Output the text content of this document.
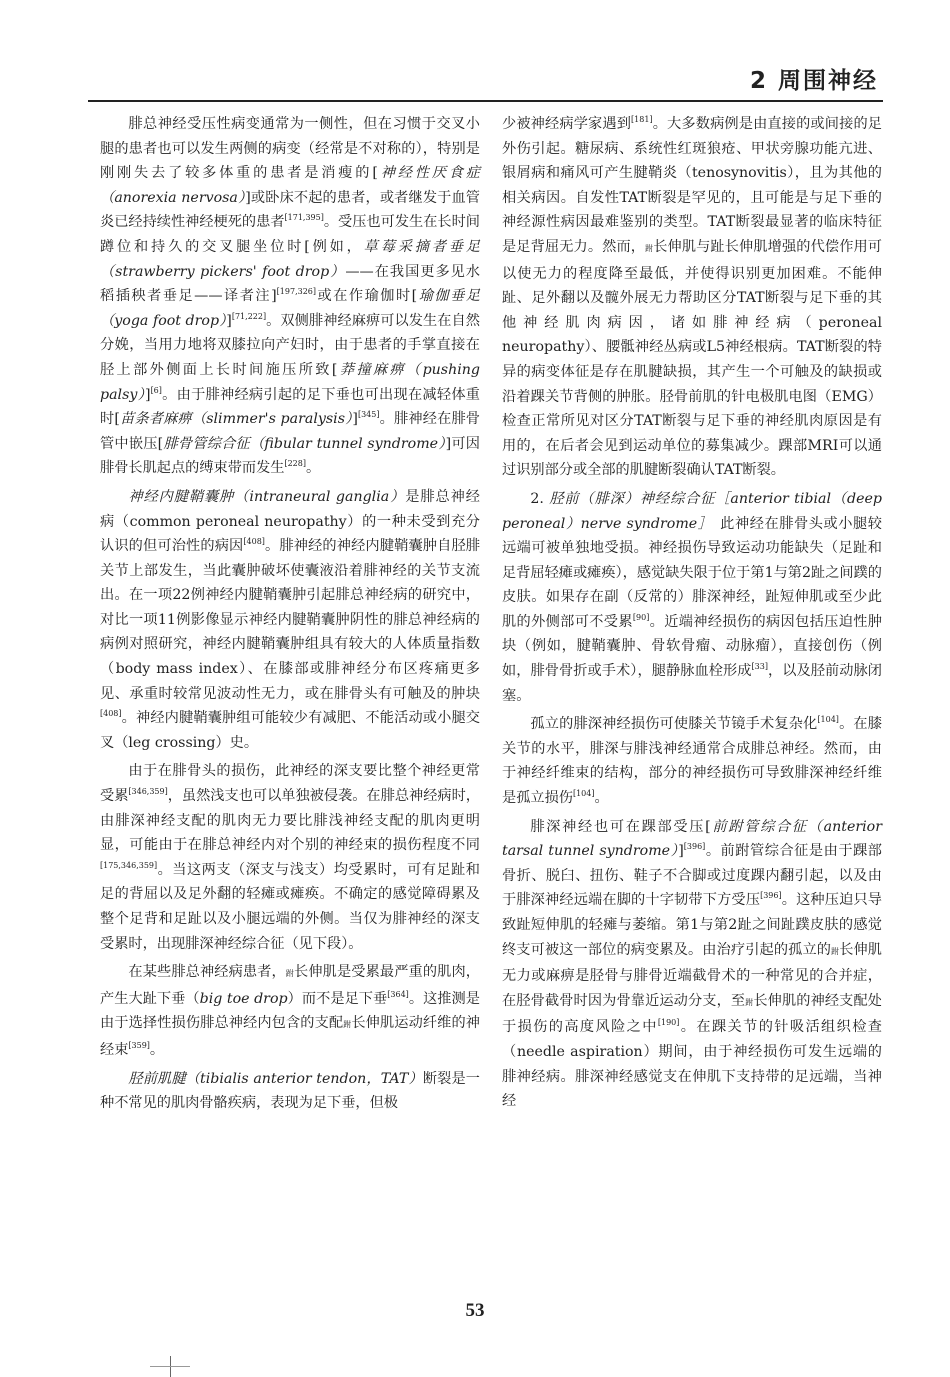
2 周围神经

腓总神经受压性病变通常为一侧性，但在习惯于交叉小腿的患者也可以发生两侧的病变（经常是不对称的），特别是刚刚失去了较多体重的患者是消瘦的[神经性厌食症（anorexia nervosa）]或卧床不起的患者，或者继发于血管炎已经持续性神经梗死的患者[171,395]。受压也可发生在长时间蹲位和持久的交叉腿坐位时[例如，草莓采摘者垂足（strawberry pickers' foot drop）——在我国更多见水稻插秧者垂足——译者注][197,326]或在作瑜伽时[瑜伽垂足（yoga foot drop）][71,222]。双侧腓神经麻痹可以发生在自然分娩，当用力地将双膝拉向产妇时，由于患者的手掌直接在胫上部外侧面上长时间施压所致[莽撞麻痹（pushing palsy）][6]。由于腓神经病引起的足下垂也可出现在减轻体重时[苗条者麻痹（slimmer's paralysis）][345]。腓神经在腓骨管中嵌压[腓骨管综合征（fibular tunnel syndrome）]可因腓骨长肌起点的缚束带而发生[228]。

神经内腱鞘囊肿（intraneural ganglia）是腓总神经病（common peroneal neuropathy）的一种未受到充分认识的但可治性的病因[408]。腓神经的神经内腱鞘囊肿自胫腓关节上部发生，当此囊肿破坏使囊液沿着腓神经的关节支流出。在一项22例神经内腱鞘囊肿引起腓总神经病的研究中，对比一项11例影像显示神经内腱鞘囊肿阴性的腓总神经病的病例对照研究，神经内腱鞘囊肿组具有较大的人体质量指数（body mass index）、在膝部或腓神经分布区疼痛更多见、承重时较常见波动性无力，或在腓骨头有可触及的肿块[408]。神经内腱鞘囊肿组可能较少有减肥、不能活动或小腿交叉（leg crossing）史。

由于在腓骨头的损伤，此神经的深支要比整个神经更常受累[346,359]，虽然浅支也可以单独被侵袭。在腓总神经病时，由腓深神经支配的肌肉无力要比腓浅神经支配的肌肉更明显，可能由于在腓总神经内对个别的神经束的损伤程度不同[175,346,359]。当这两支（深支与浅支）均受累时，可有足趾和足的背屈以及足外翻的轻瘫或瘫痪。不确定的感觉障碍累及整个足背和足趾以及小腿远端的外侧。当仅为腓神经的深支受累时，出现腓深神经综合征（见下段）。

在某些腓总神经病患者，跗长伸肌是受累最严重的肌肉，产生大趾下垂（big toe drop）而不是足下垂[364]。这推测是由于选择性损伤腓总神经内包含的支配跗长伸肌运动纤维的神经束[359]。

胫前肌腱（tibialis anterior tendon，TAT）断裂是一种不常见的肌肉骨骼疾病，表现为足下垂，但极

少被神经病学家遇到[181]。大多数病例是由直接的或间接的足外伤引起。糖尿病、系统性红斑狼疮、甲状旁腺功能亢进、银屑病和痛风可产生腱鞘炎（tenosynovitis），且为其他的相关病因。自发性TAT断裂是罕见的，且可能是与足下垂的神经源性病因最难鉴别的类型。TAT断裂最显著的临床特征是足背屈无力。然而，跗长伸肌与趾长伸肌增强的代偿作用可以使无力的程度降至最低，并使得识别更加困难。不能伸趾、足外翻以及髋外展无力帮助区分TAT断裂与足下垂的其他神经肌肉病因，诸如腓神经病（peroneal neuropathy）、腰骶神经丛病或L5神经根病。TAT断裂的特异的病变体征是存在肌腱缺损，其产生一个可触及的缺损或沿着踝关节背侧的肿胀。胫骨前肌的针电极肌电图（EMG）检查正常所见对区分TAT断裂与足下垂的神经肌肉原因是有用的，在后者会见到运动单位的募集减少。踝部MRI可以通过识别部分或全部的肌腱断裂确认TAT断裂。

2. 胫前（腓深）神经综合征［anterior tibial（deep peroneal）nerve syndrome］　此神经在腓骨头或小腿较远端可被单独地受损。神经损伤导致运动功能缺失（足趾和足背屈轻瘫或瘫痪），感觉缺失限于位于第1与第2趾之间蹼的皮肤。如果存在副（反常的）腓深神经，趾短伸肌或至少此肌的外侧部可不受累[90]。近端神经损伤的病因包括压迫性肿块（例如，腱鞘囊肿、骨软骨瘤、动脉瘤），直接创伤（例如，腓骨骨折或手术），腿静脉血栓形成[33]，以及胫前动脉闭塞。

孤立的腓深神经损伤可使膝关节镜手术复杂化[104]。在膝关节的水平，腓深与腓浅神经通常合成腓总神经。然而，由于神经纤维束的结构，部分的神经损伤可导致腓深神经纤维是孤立损伤[104]。

腓深神经也可在踝部受压[前跗管综合征（anterior tarsal tunnel syndrome）][396]。前跗管综合征是由于踝部骨折、脱臼、扭伤、鞋子不合脚或过度踝内翻引起，以及由于腓深神经远端在脚的十字韧带下方受压[396]。这种压迫只导致趾短伸肌的轻瘫与萎缩。第1与第2趾之间趾蹼皮肤的感觉终支可被这一部位的病变累及。由治疗引起的孤立的跗长伸肌无力或麻痹是胫骨与腓骨近端截骨术的一种常见的合并症，在胫骨截骨时因为骨靠近运动分支，至跗长伸肌的神经支配处于损伤的高度风险之中[190]。在踝关节的针吸活组织检查（needle aspiration）期间，由于神经损伤可发生远端的腓神经病。腓深神经感觉支在伸肌下支持带的足远端，当神经

53
